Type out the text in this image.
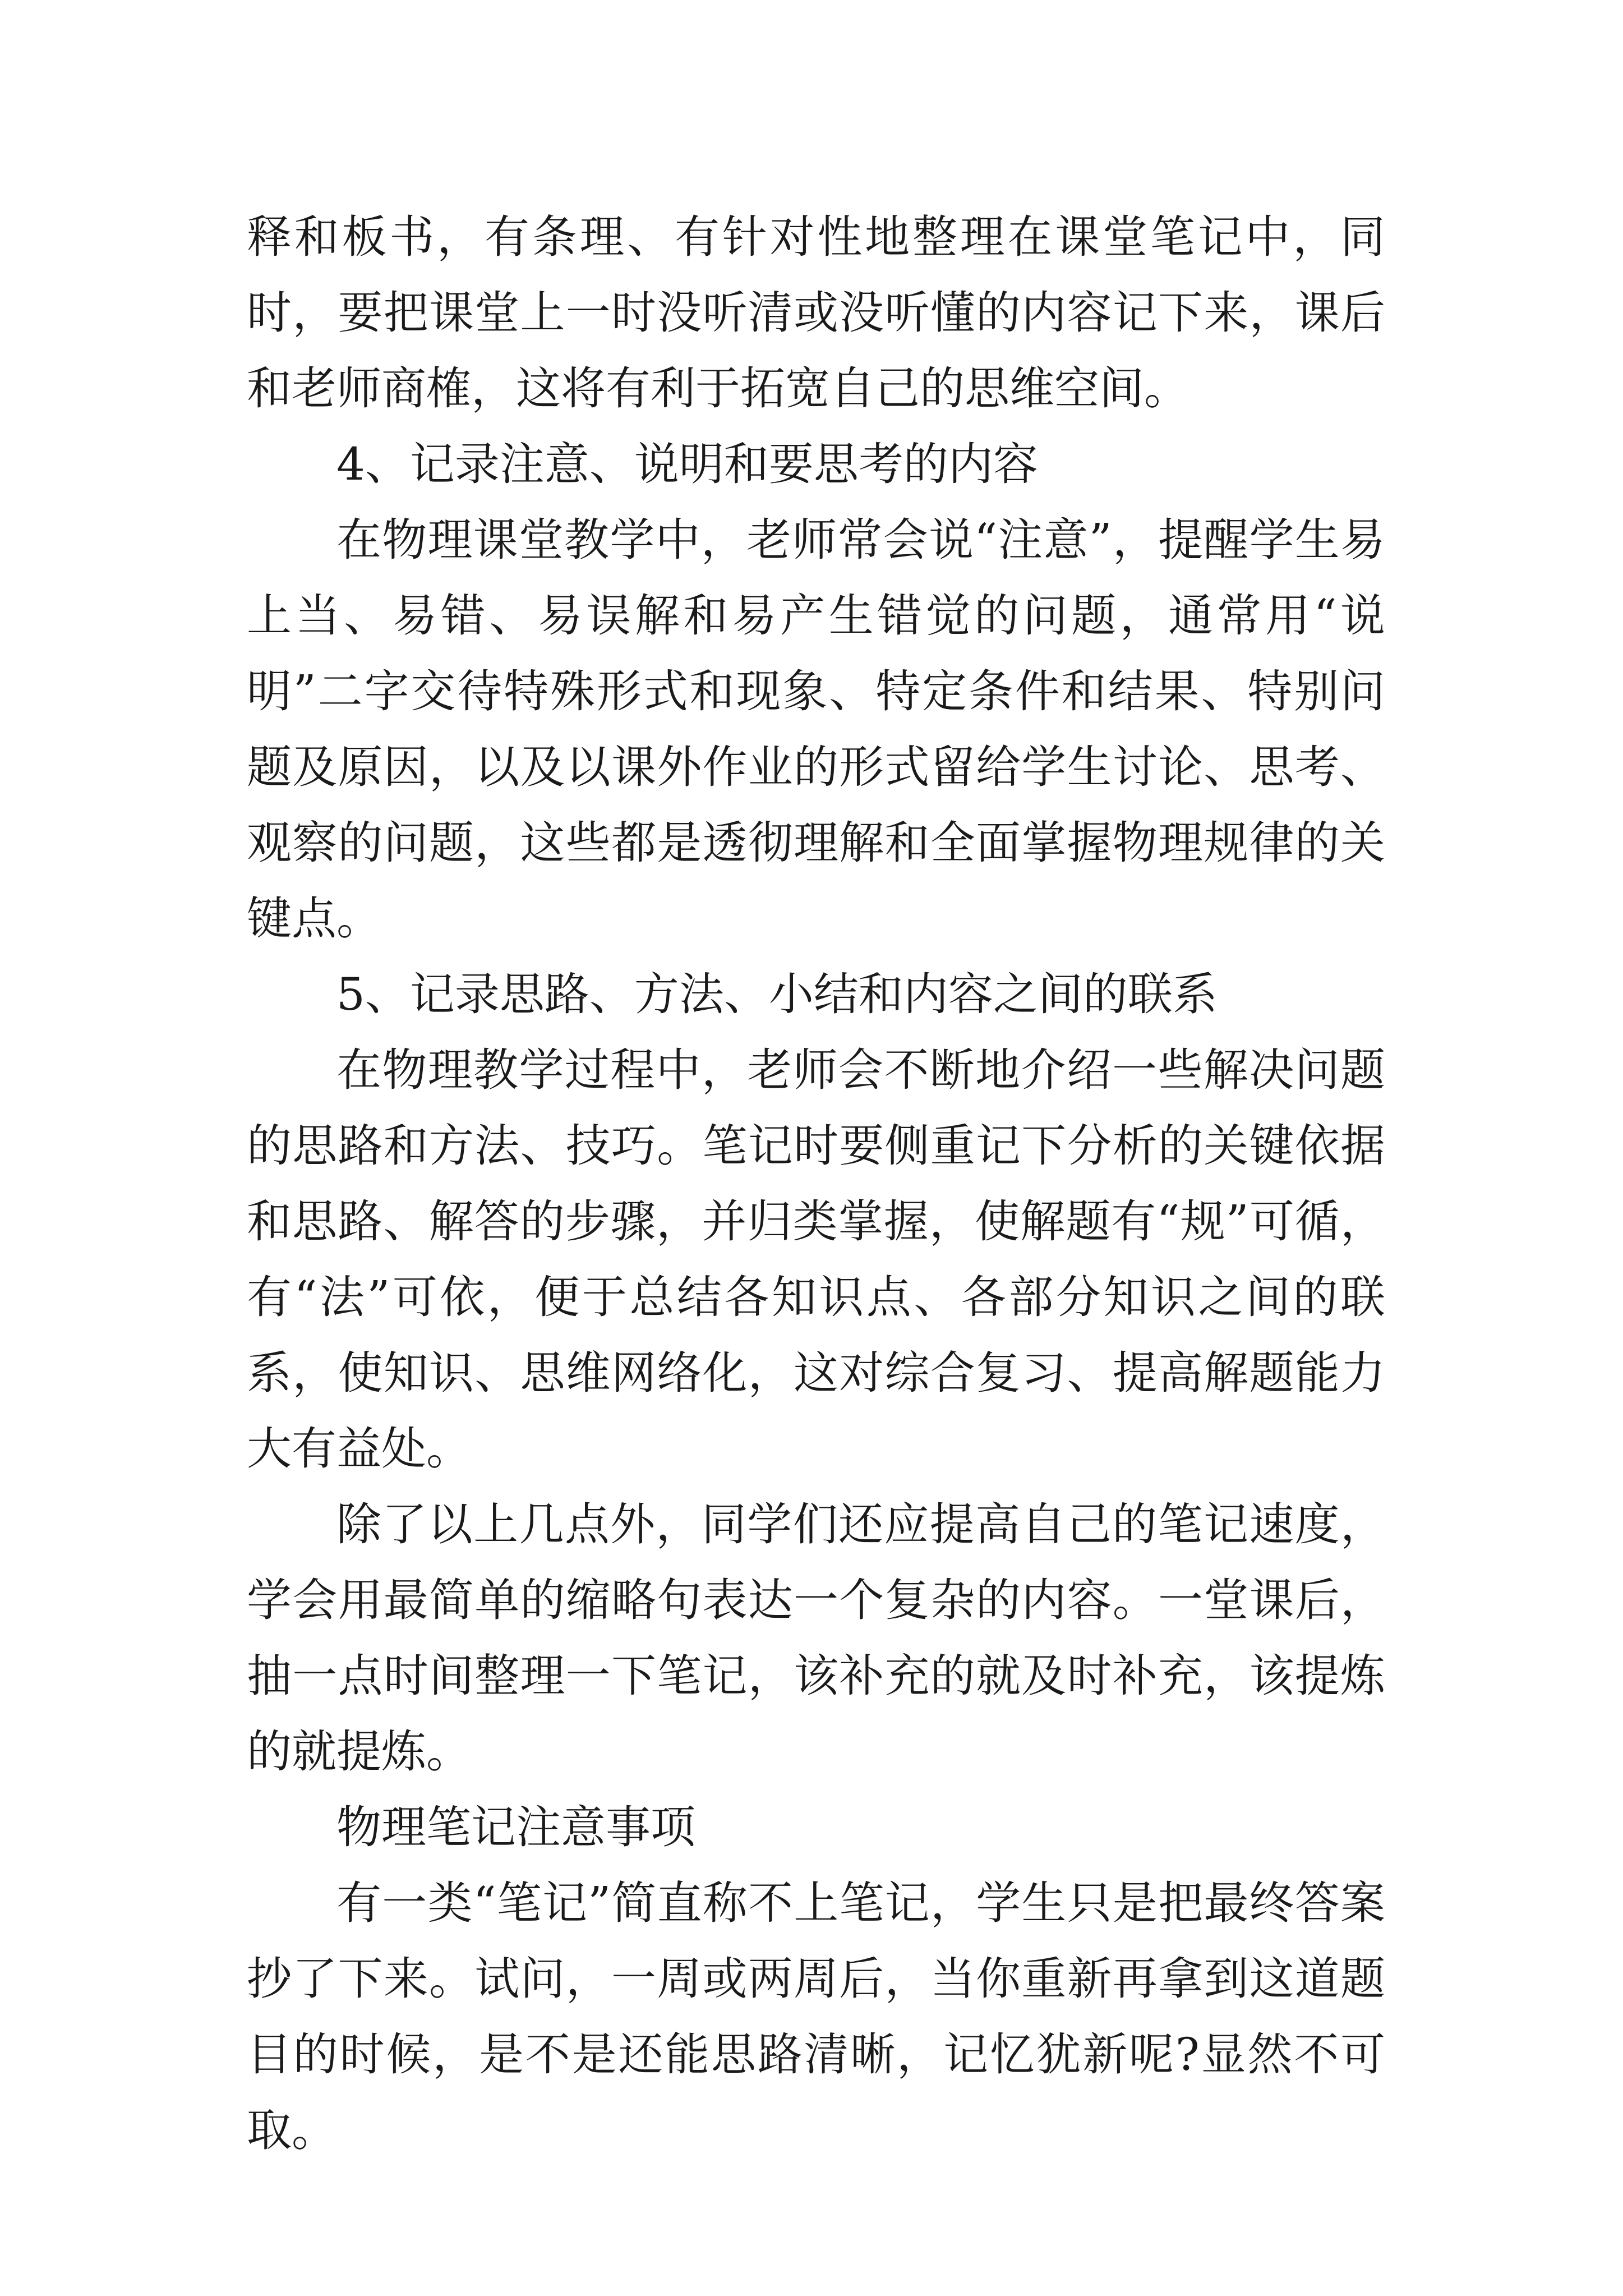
释和板书，有条理、有针对性地整理在课堂笔记中，同时，要把课堂上一时没听清或没听懂的内容记下来，课后和老师商榷，这将有利于拓宽自己的思维空间。

4、记录注意、说明和要思考的内容

在物理课堂教学中，老师常会说“注意”，提醒学生易上当、易错、易误解和易产生错觉的问题，通常用“说明”二字交待特殊形式和现象、特定条件和结果、特别问题及原因，以及以课外作业的形式留给学生讨论、思考、观察的问题，这些都是透彻理解和全面掌握物理规律的关键点。

5、记录思路、方法、小结和内容之间的联系

在物理教学过程中，老师会不断地介绍一些解决问题的思路和方法、技巧。笔记时要侧重记下分析的关键依据和思路、解答的步骤，并归类掌握，使解题有“规”可循，有“法”可依，便于总结各知识点、各部分知识之间的联系，使知识、思维网络化，这对综合复习、提高解题能力大有益处。

除了以上几点外，同学们还应提高自己的笔记速度，学会用最简单的缩略句表达一个复杂的内容。一堂课后，抽一点时间整理一下笔记，该补充的就及时补充，该提炼的就提炼。

物理笔记注意事项

有一类“笔记”简直称不上笔记，学生只是把最终答案抄了下来。试问，一周或两周后，当你重新再拿到这道题目的时候，是不是还能思路清晰，记忆犹新呢?显然不可取。
